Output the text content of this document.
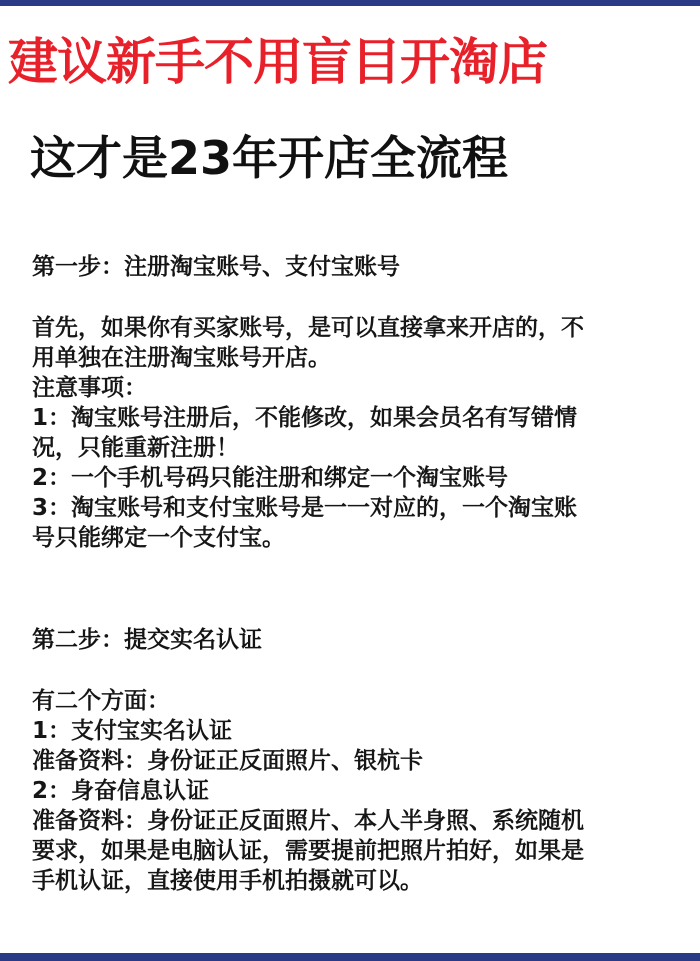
建议新手不用盲目开淘店
这才是23年开店全流程
第一步：注册淘宝账号、支付宝账号

首先，如果你有买家账号，是可以直接拿来开店的，不

用单独在注册淘宝账号开店。

注意事项：

1：淘宝账号注册后，不能修改，如果会员名有写错情

况，只能重新注册！

2：一个手机号码只能注册和绑定一个淘宝账号

3：淘宝账号和支付宝账号是一一对应的，一个淘宝账

号只能绑定一个支付宝。

第二步：提交实名认证

有二个方面：

1：支付宝实名认证

准备资料：身份证正反面照片、银杭卡

2：身奋信息认证

准备资料：身份证正反面照片、本人半身照、系统随机

要求，如果是电脑认证，需要提前把照片拍好，如果是

手机认证，直接使用手机拍摄就可以。
